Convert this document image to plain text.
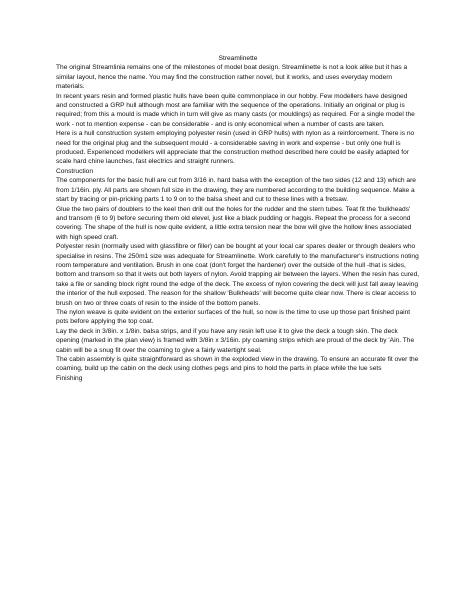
Streamlinette

The original Streamlinia remains one of the milestones of model boat design. Streamlinette is not a look alike but it has a similar layout, hence the name. You may find the construction rather novel, but it works, and uses everyday modern materials.

In recent years resin and formed plastic hulls have been quite commonplace in our hobby. Few modellers have designed and constructed a GRP hull although most are familiar with the sequence of the operations. Initially an original or plug is required; from this a mould is made which in turn will give as many casts (or mouldings) as required. For a single model the work - not to mention expense - can be considerable - and is only economical when a number of casts are taken.

Here is a hull construction system employing polyester resin (used in GRP hulls) with nylon as a reinforcement. There is no need for the original plug and the subsequent mould - a considerable saving in work and expense - but only one hull is produced. Experienced modellers will appreciate that the construction method described here could be easily adapted for scale hard chine launches, fast electrics and straight runners.

Construction

The components for the basic hull are cut from 3/16 in. hard balsa with the exception of the two sides (12 and 13) which are from 1/16in. ply. All parts are shown full size in the drawing, they are numbered according to the building sequence. Make a start by tracing or pin-pricking parts 1 to 9 on to the balsa sheet and cut to these lines with a fretsaw.

Glue the two pairs of doublers to the keel then drill out the holes for the rudder and the stern tubes. Teat fit the 'bulkheads' and transom (6 to 9) before securing them old elevel, just like a black pudding or haggis. Repeat the process for a second covering. The shape of the hull is now quite evident, a little extra tension near the bow will give the hollow lines associated with high speed craft.

Polyester resin (normally used with glassfibre or filler) can be bought at your local car spares dealer or through dealers who specialise in resins. The 250m1 size was adequate for Streamlinette. Work carefully to the manufacturer's instructions noting room temperature and ventilation. Brush in one coat (don't forget the hardener) over the outside of the hull -that is sides, bottom and transom so that it wets out both layers of nylon. Avoid trapping air between the layers. When the resin has cured, take a file or sanding block right round the edge of the deck. The excess of nylon covering the deck will just fall away leaving the interior of the hull exposed. The reason for the shallow 'Bulkheads' will become quite clear now. There is clear access to brush on two or three coats of resin to the inside of the bottom panels.

The nylon weave is quite evident on the exterior surfaces of the hull, so now is the time to use up those part finished paint pots before applying the top coat.

Lay the deck in 3/8in. x 1/8in. balsa strips, and if you have any resin left use it to give the deck a tough skin. The deck opening (marked in the plan view) is framed with 3/8in x 3/16in. ply coaming strips which are proud of the deck by 'Ain. The cabin will be a snug fit over the coaming to give a fairly watertight seal.

The cabin assembly is quite straightforward as shown in the exploded view in the drawing. To ensure an accurate fit over the coaming, build up the cabin on the deck using clothes pegs and pins to hold the parts in place while the lue sets

Finishing
